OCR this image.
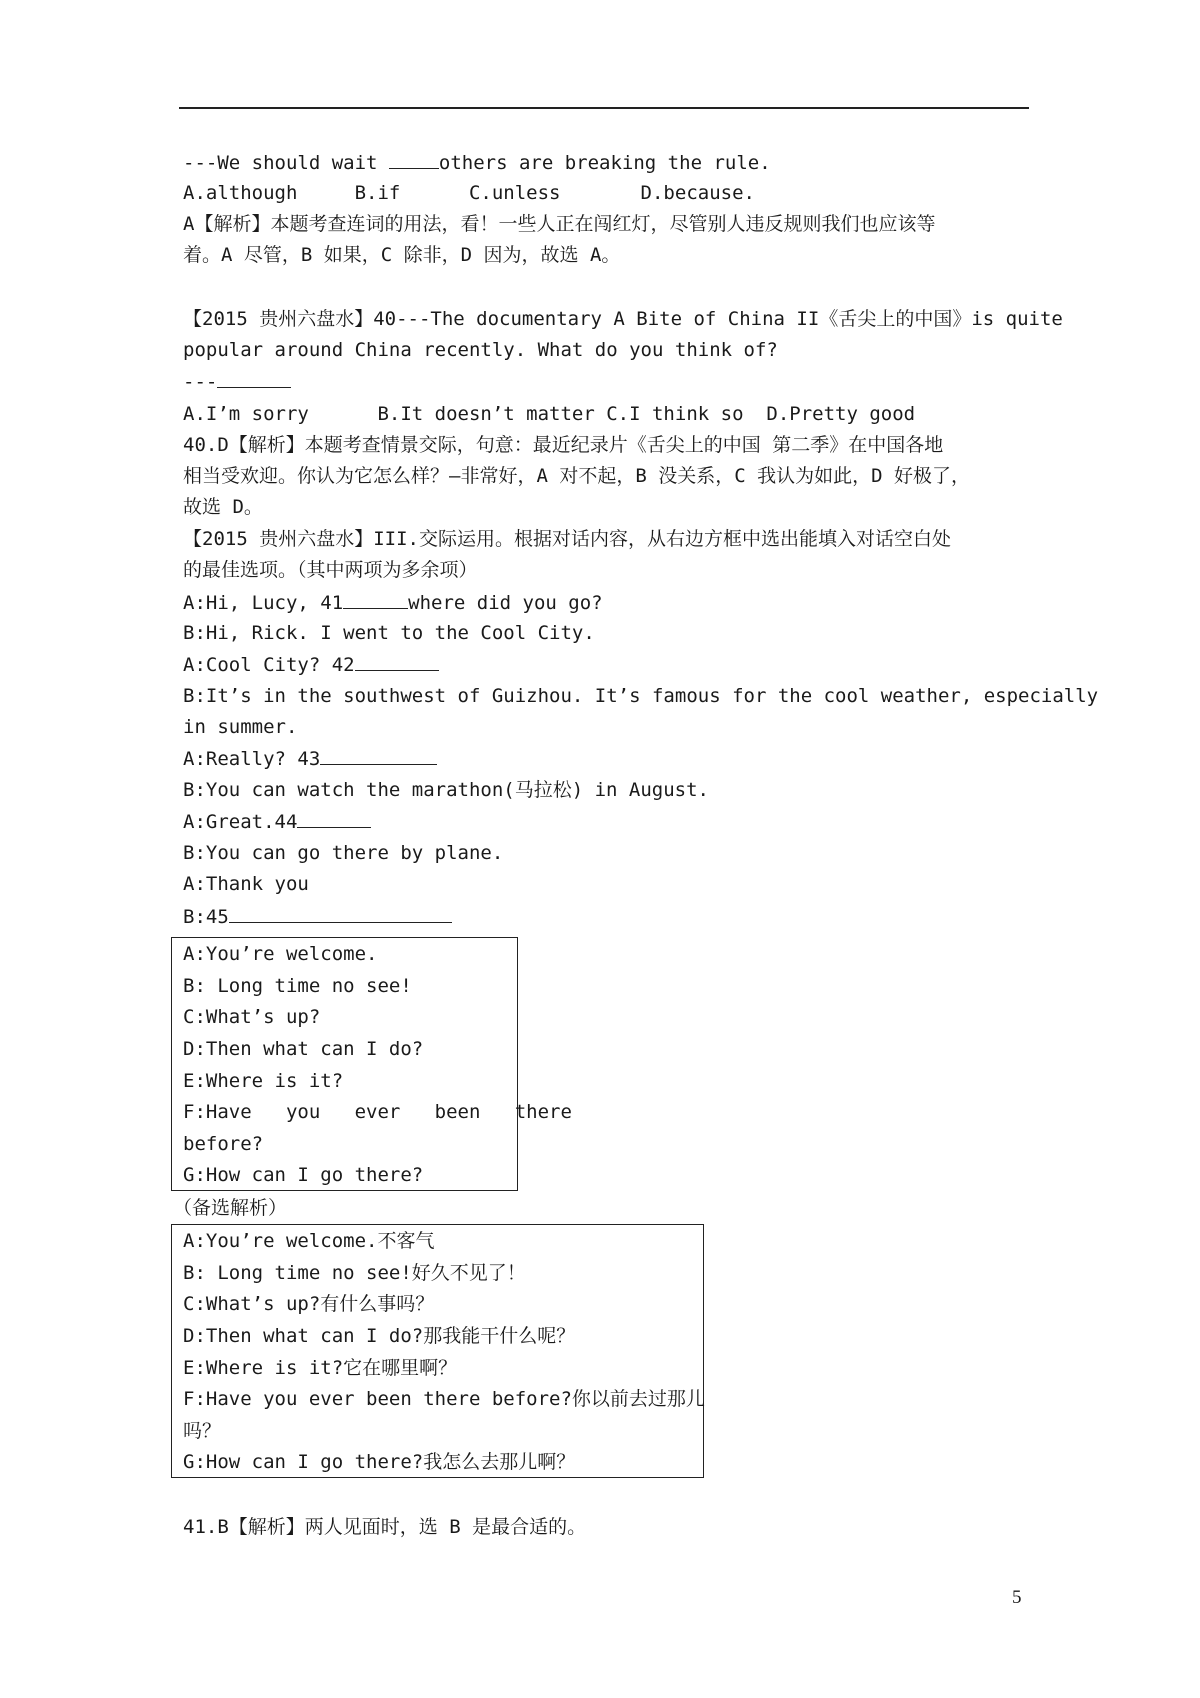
---We should wait	others are breaking the rule.
A.although     B.if      C.unless       D.because.
A【解析】本题考查连词的用法，看！一些人正在闯红灯，尽管别人违反规则我们也应该等
着。A 尽管，B 如果，C 除非，D 因为，故选 A。
【2015 贵州六盘水】40---The documentary A Bite of China II《舌尖上的中国》is quite
popular around China recently. What do you think of?
---
A.I’m sorry      B.It doesn’t matter C.I think so  D.Pretty good
40.D【解析】本题考查情景交际，句意：最近纪录片《舌尖上的中国 第二季》在中国各地
相当受欢迎。你认为它怎么样？—非常好，A 对不起，B 没关系，C 我认为如此，D 好极了，
故选 D。
【2015 贵州六盘水】III.交际运用。根据对话内容，从右边方框中选出能填入对话空白处
的最佳选项。（其中两项为多余项）
A:Hi, Lucy, 41	where did you go?
B:Hi, Rick. I went to the Cool City.
A:Cool City? 42
B:It’s in the southwest of Guizhou. It’s famous for the cool weather, especially
in summer.
A:Really? 43
B:You can watch the marathon(马拉松) in August.
A:Great.44
B:You can go there by plane.
A:Thank you
B:45
A:You’re welcome.
B: Long time no see!
C:What’s up?
D:Then what can I do?
E:Where is it?
F:Have   you   ever   been   there
before?
G:How can I go there?
（备选解析）
A:You’re welcome.不客气
B: Long time no see!好久不见了！
C:What’s up?有什么事吗？
D:Then what can I do?那我能干什么呢？
E:Where is it?它在哪里啊？
F:Have you ever been there before?你以前去过那儿
吗？
G:How can I go there?我怎么去那儿啊？
41.B【解析】两人见面时，选 B 是最合适的。
5
